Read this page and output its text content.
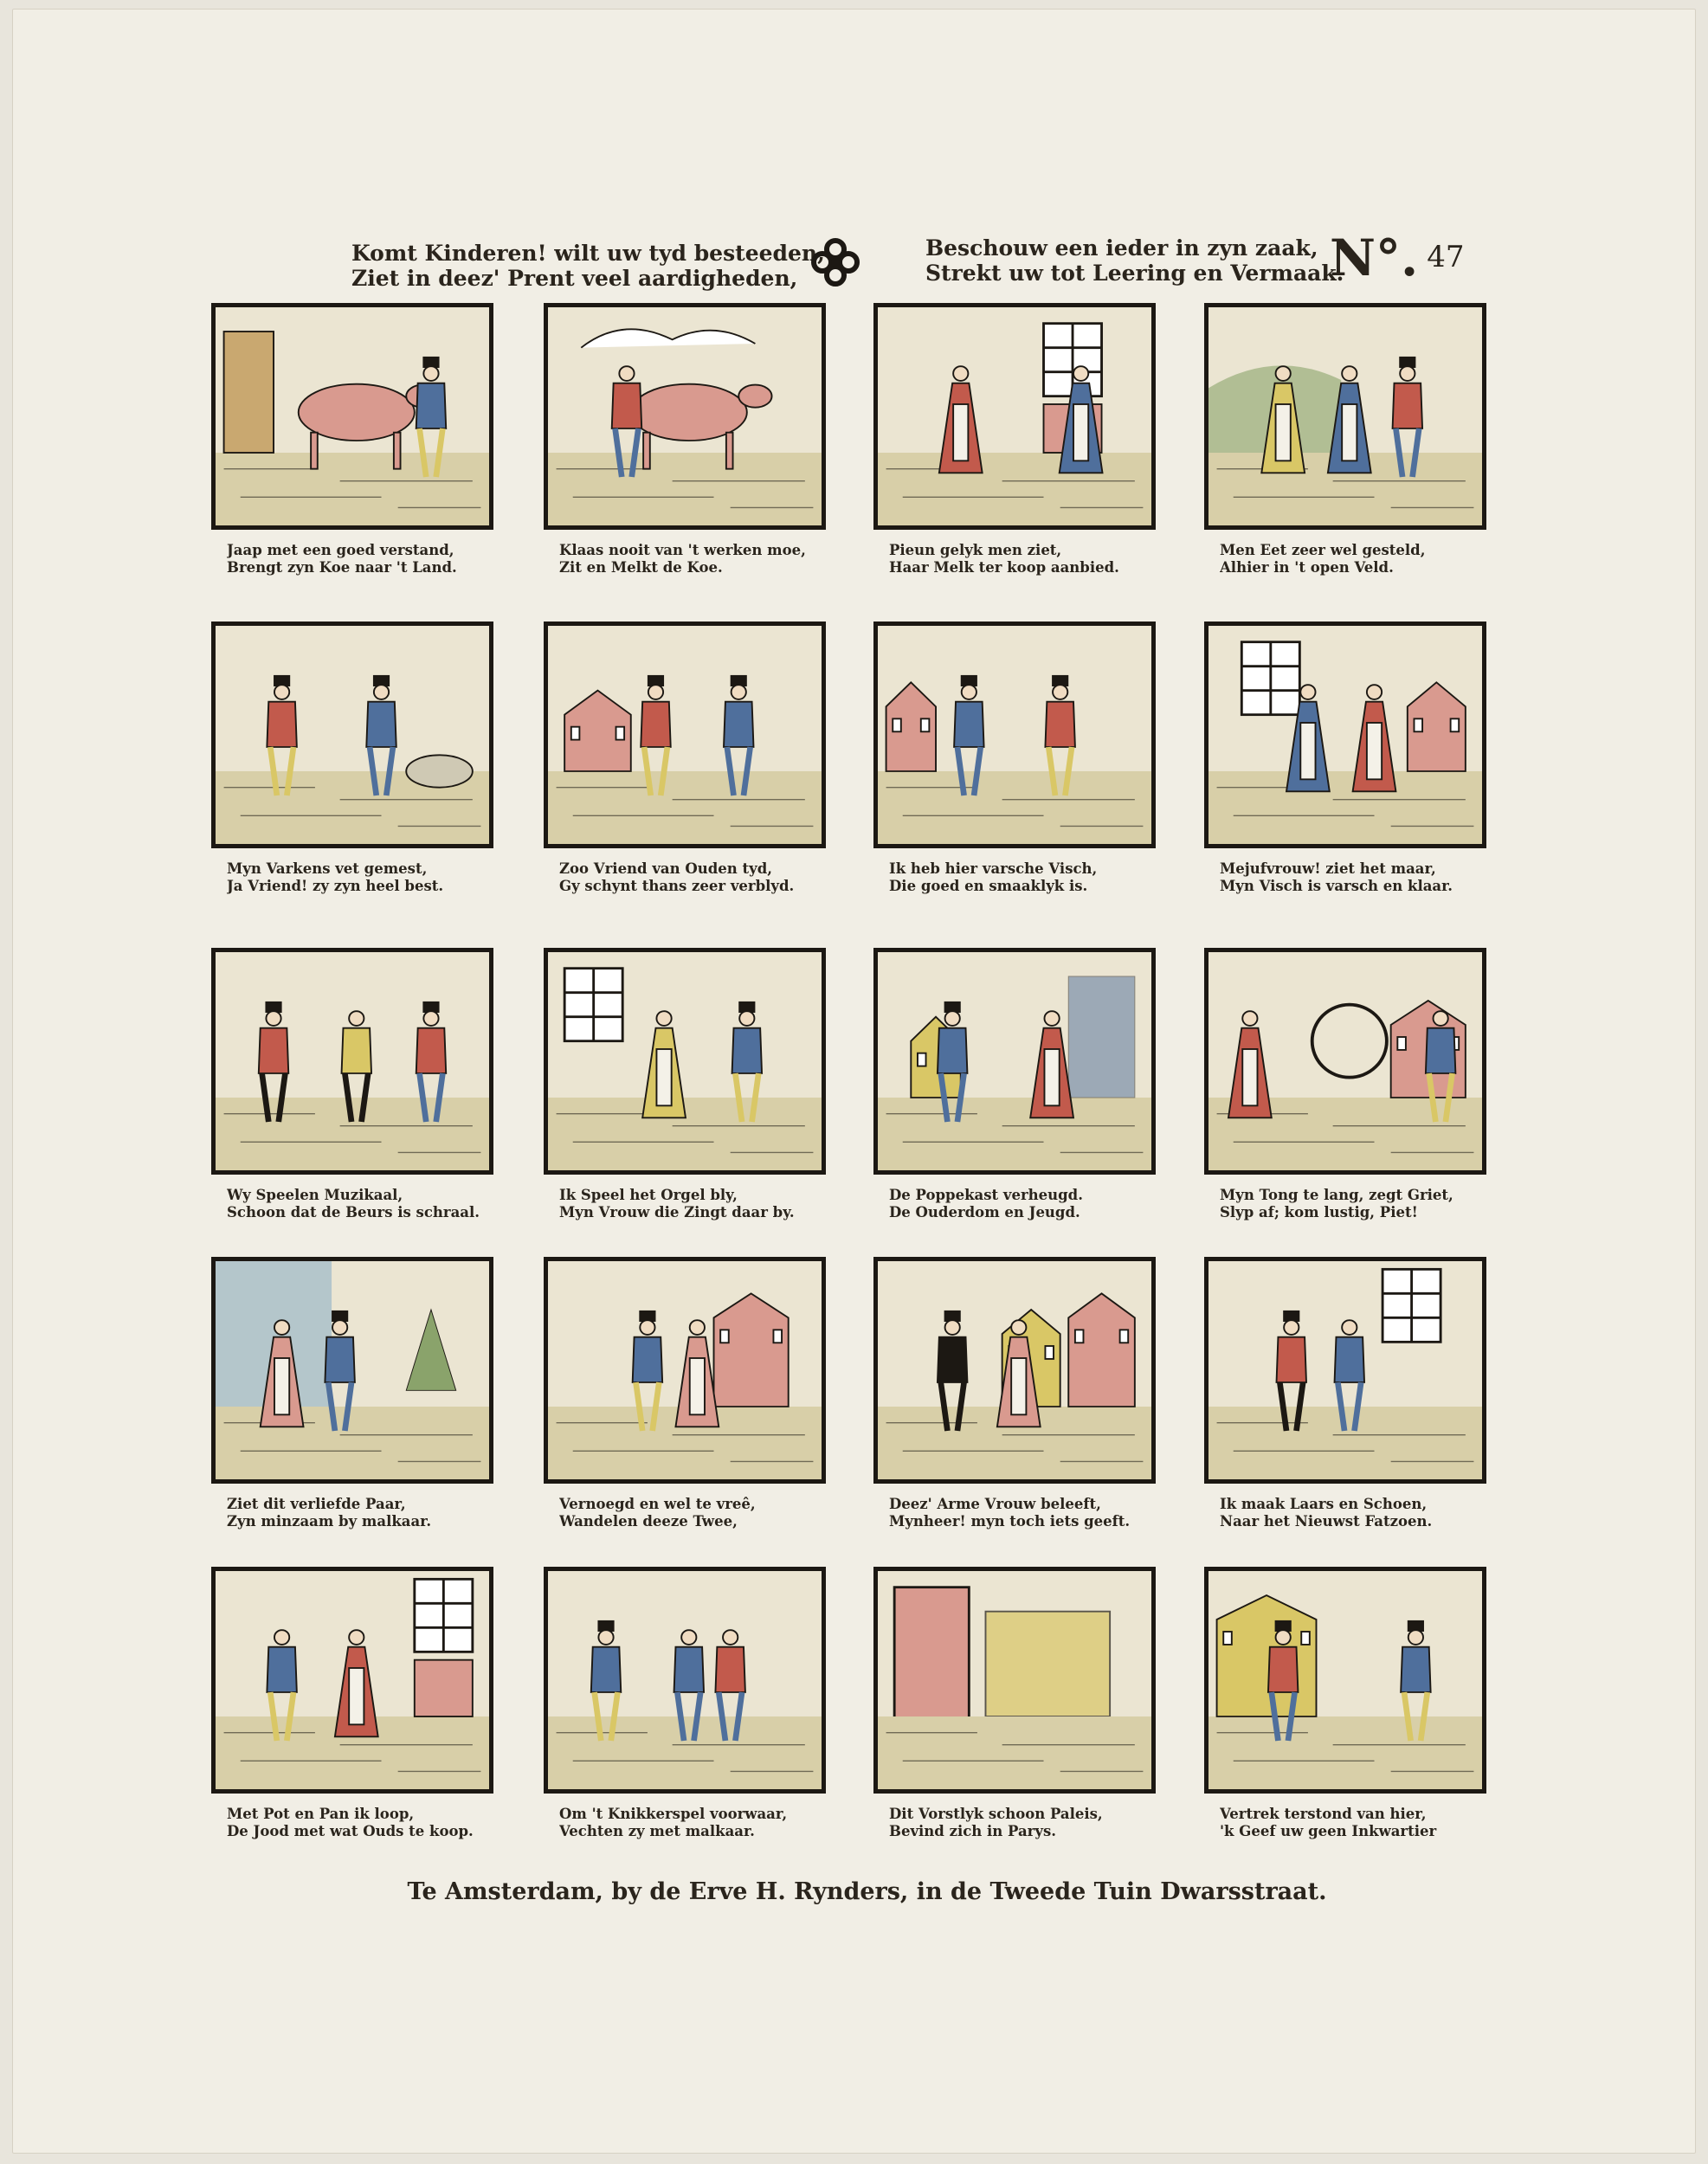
Komt Kinderen! wilt uw tyd besteeden,
Ziet in deez' Prent veel aardigheden,
Beschouw een ieder in zyn zaak,
Strekt uw tot Leering en Vermaak.
N°. 47
Jaap met een goed verstand,
Brengt zyn Koe naar 't Land.
Klaas nooit van 't werken moe,
Zit en Melkt de Koe.
Pieun gelyk men ziet,
Haar Melk ter koop aanbied.
Men Eet zeer wel gesteld,
Alhier in 't open Veld.
Myn Varkens vet gemest,
Ja Vriend! zy zyn heel best.
Zoo Vriend van Ouden tyd,
Gy schynt thans zeer verblyd.
Ik heb hier varsche Visch,
Die goed en smaaklyk is.
Mejufvrouw! ziet het maar,
Myn Visch is varsch en klaar.
Wy Speelen Muzikaal,
Schoon dat de Beurs is schraal.
Ik Speel het Orgel bly,
Myn Vrouw die Zingt daar by.
De Poppekast verheugd.
De Ouderdom en Jeugd.
Myn Tong te lang, zegt Griet,
Slyp af; kom lustig, Piet!
Ziet dit verliefde Paar,
Zyn minzaam by malkaar.
Vernoegd en wel te vreê,
Wandelen deeze Twee,
Deez' Arme Vrouw beleeft,
Mynheer! myn toch iets geeft.
Ik maak Laars en Schoen,
Naar het Nieuwst Fatzoen.
Met Pot en Pan ik loop,
De Jood met wat Ouds te koop.
Om 't Knikkerspel voorwaar,
Vechten zy met malkaar.
Dit Vorstlyk schoon Paleis,
Bevind zich in Parys.
Vertrek terstond van hier,
'k Geef uw geen Inkwartier
Te Amsterdam, by de Erve H. Rynders, in de Tweede Tuin Dwarsstraat.
